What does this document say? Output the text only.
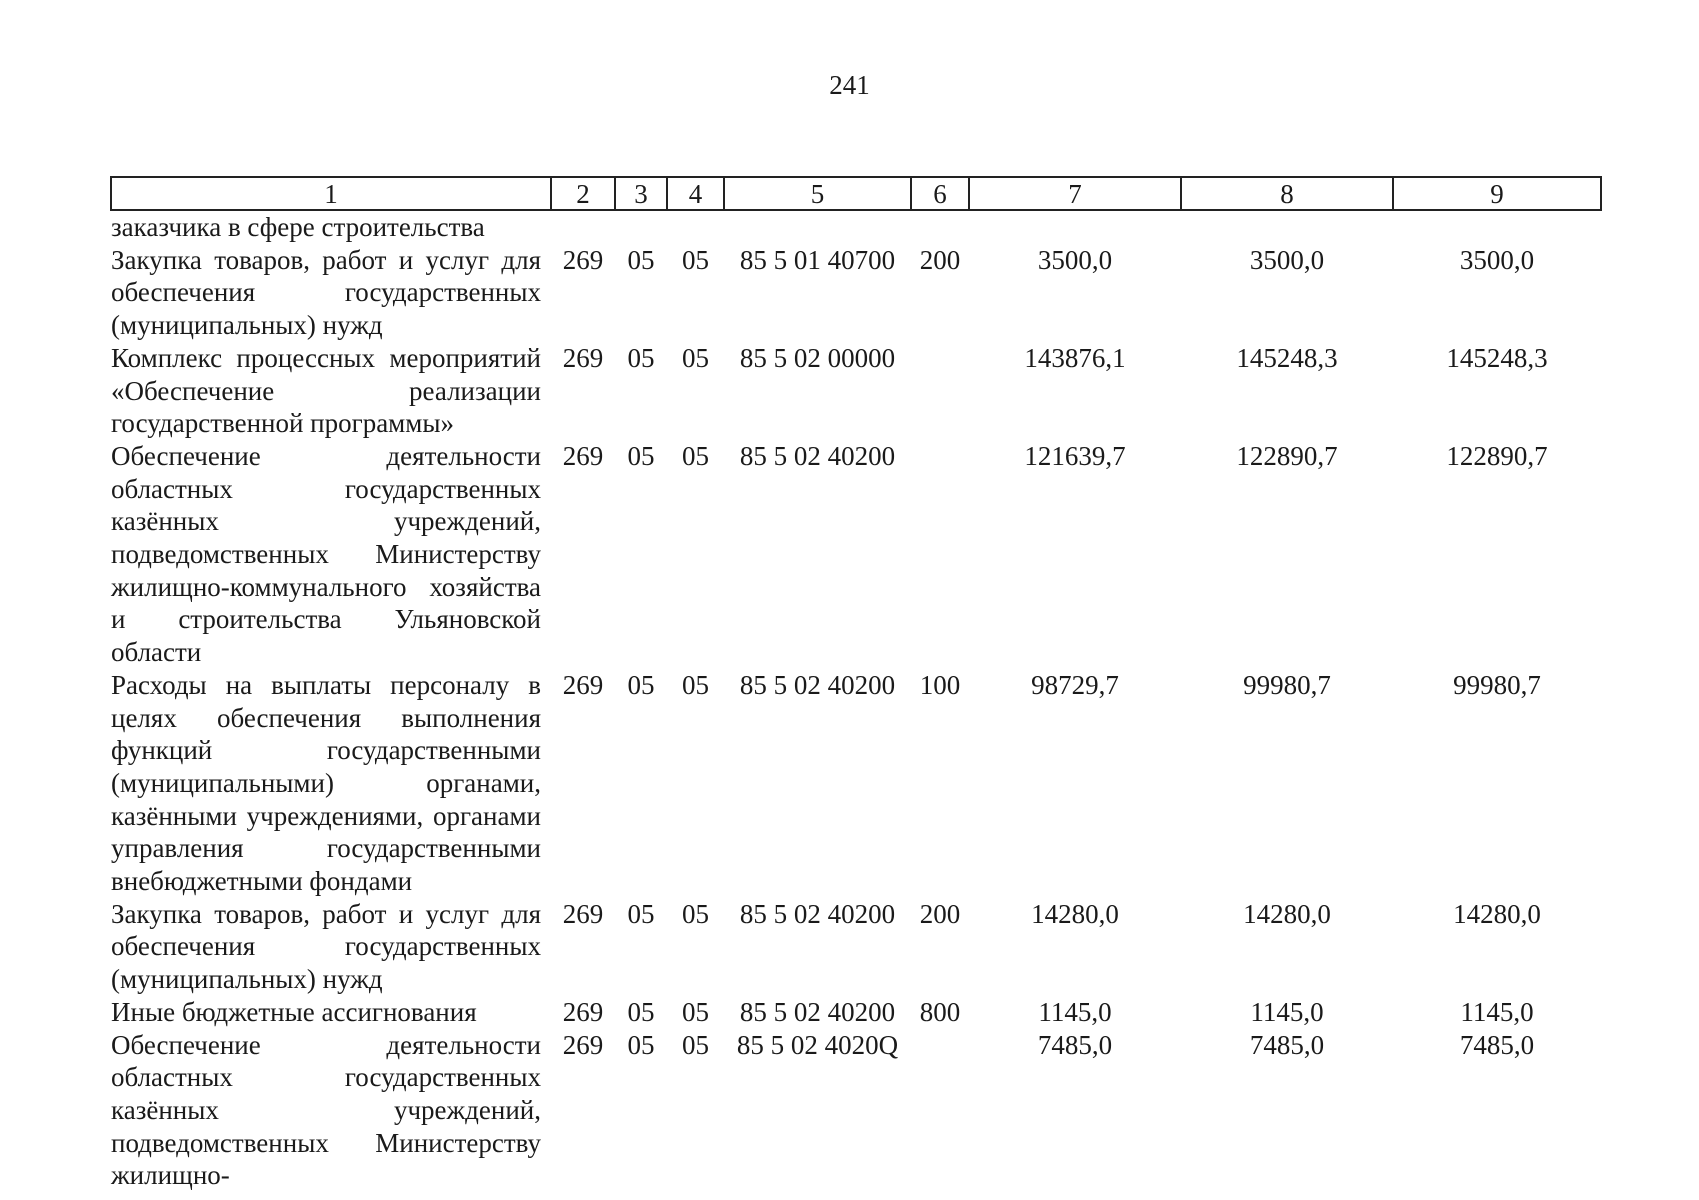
241
1	2	3	4	5	6	7	8	9
заказчика в сфере строительства								
Закупка товаров, работ и услуг для обеспечения государственных (муниципальных) нужд	269	05	05	85 5 01 40700	200	3500,0	3500,0	3500,0
Комплекс процессных мероприятий «Обеспечение реализации государственной программы»	269	05	05	85 5 02 00000		143876,1	145248,3	145248,3
Обеспечение деятельности областных государственных казённых учреждений, подведомственных Министерству жилищно-коммунального хозяйства и строительства Ульяновской области	269	05	05	85 5 02 40200		121639,7	122890,7	122890,7
Расходы на выплаты персоналу в целях обеспечения выполнения функций государственными (муниципальными) органами, казёнными учреждениями, органами управления государственными внебюджетными фондами	269	05	05	85 5 02 40200	100	98729,7	99980,7	99980,7
Закупка товаров, работ и услуг для обеспечения государственных (муниципальных) нужд	269	05	05	85 5 02 40200	200	14280,0	14280,0	14280,0
Иные бюджетные ассигнования	269	05	05	85 5 02 40200	800	1145,0	1145,0	1145,0
Обеспечение деятельности областных государственных казённых учреждений, подведомственных Министерству жилищно-	269	05	05	85 5 02 4020Q		7485,0	7485,0	7485,0
